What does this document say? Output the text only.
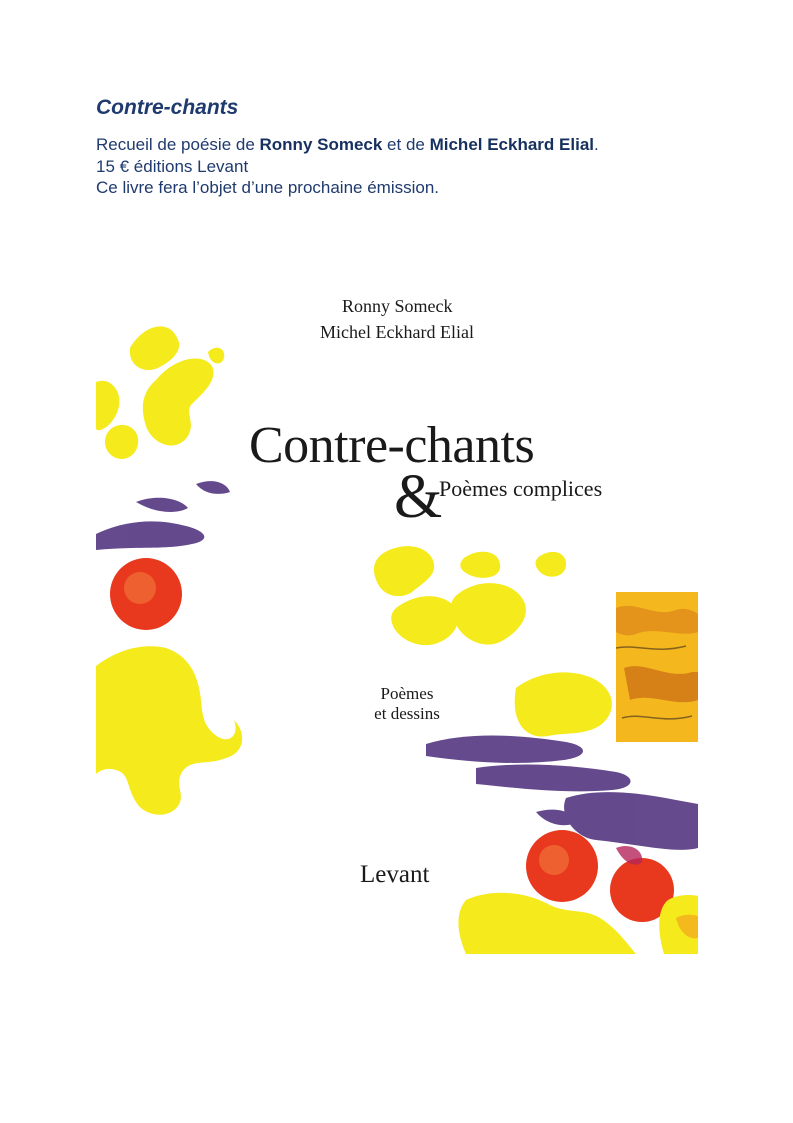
Contre-chants

Recueil de poésie de Ronny Someck et de Michel Eckhard Elial.

15 € éditions Levant

Ce livre fera l’objet d’une prochaine émission.

Ronny Someck
Michel Eckhard Elial
Contre-chants
&
Poèmes complices
Poèmes
et dessins
Levant
